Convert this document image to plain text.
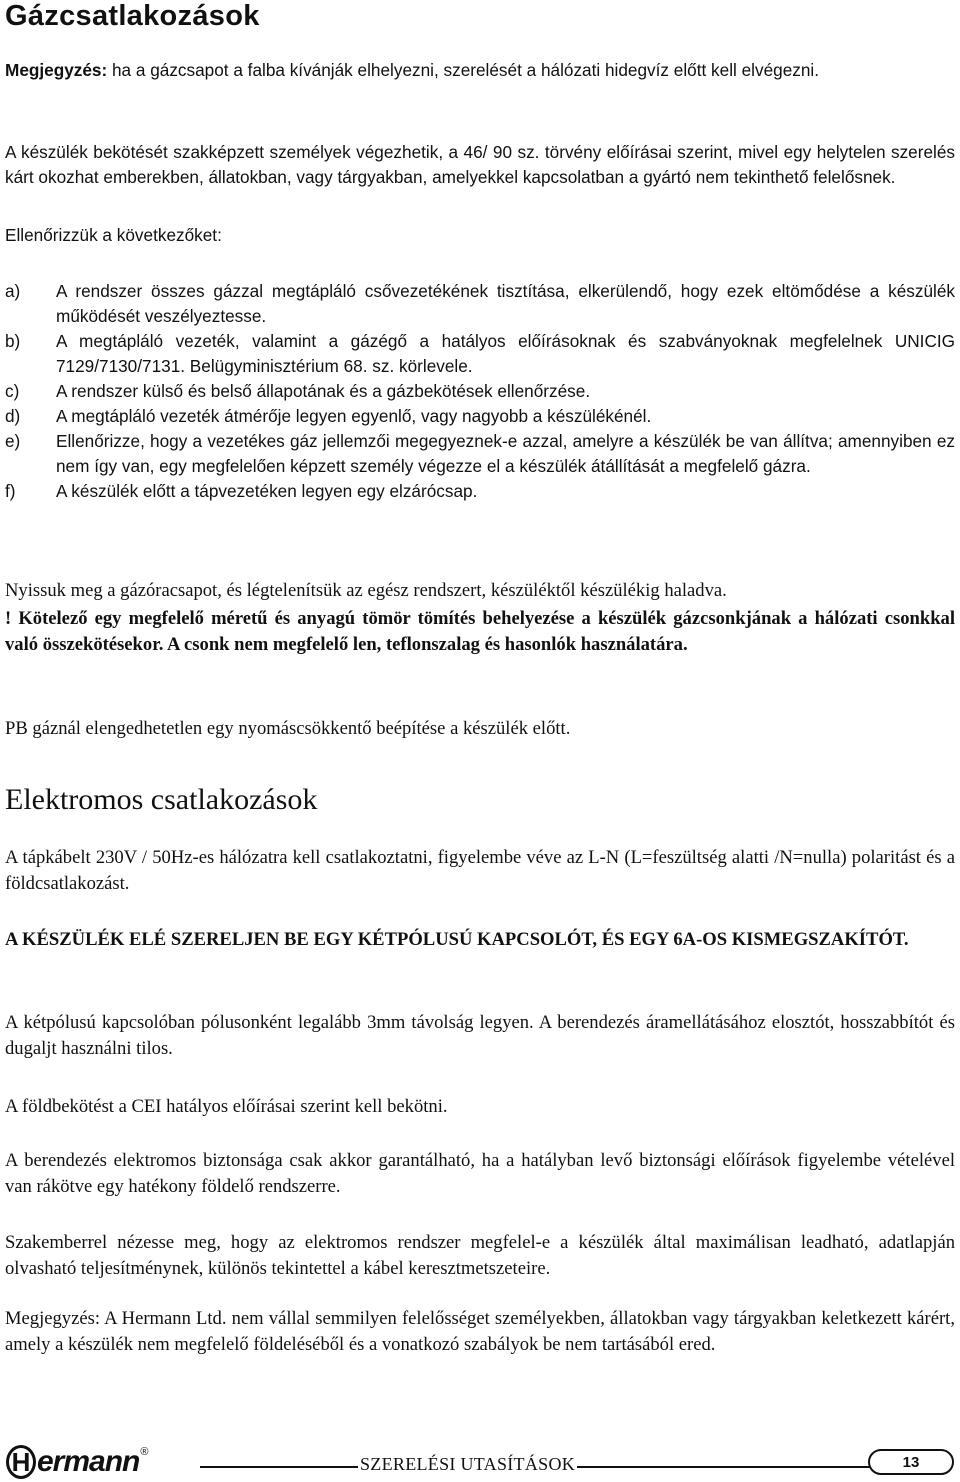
Gázcsatlakozások

Megjegyzés: ha a gázcsapot a falba kívánják elhelyezni, szerelését a hálózati hidegvíz előtt kell elvégezni.

A készülék bekötését szakképzett személyek végezhetik, a 46/ 90 sz. törvény előírásai szerint, mivel egy helytelen szerelés kárt okozhat emberekben, állatokban, vagy tárgyakban, amelyekkel kapcsolatban a gyártó nem tekinthető felelősnek.

Ellenőrizzük a következőket:

a)	A rendszer összes gázzal megtápláló csővezetékének tisztítása, elkerülendő, hogy ezek eltömődése a készülék működését veszélyeztesse.
b)	A megtápláló vezeték, valamint a gázégő a hatályos előírásoknak és szabványoknak megfelelnek UNICIG 7129/7130/7131. Belügyminisztérium 68. sz. körlevele.
c)	A rendszer külső és belső állapotának és a gázbekötések ellenőrzése.
d)	A megtápláló vezeték átmérője legyen egyenlő, vagy nagyobb a készülékénél.
e)	Ellenőrizze, hogy a vezetékes gáz jellemzői megegyeznek-e azzal, amelyre a készülék be van állítva; amennyiben ez nem így van, egy megfelelően képzett személy végezze el a készülék átállítását a megfelelő gázra.
f)	A készülék előtt a tápvezetéken legyen egy elzárócsap.

Nyissuk meg a gázóracsapot, és légtelenítsük az egész rendszert, készüléktől készülékig haladva.

! Kötelező egy megfelelő méretű és anyagú tömör tömítés behelyezése a készülék gázcsonkjának a hálózati csonkkal való összekötésekor. A csonk nem megfelelő len, teflonszalag és hasonlók használatára.

PB gáznál elengedhetetlen egy nyomáscsökkentő beépítése a készülék előtt.

Elektromos csatlakozások

A tápkábelt 230V / 50Hz-es hálózatra kell csatlakoztatni, figyelembe véve az L-N (L=feszültség alatti /N=nulla) polaritást és a földcsatlakozást.

A KÉSZÜLÉK ELÉ SZERELJEN BE EGY KÉTPÓLUSÚ KAPCSOLÓT, ÉS EGY 6A-OS KISMEGSZAKÍTÓT.

A kétpólusú kapcsolóban pólusonként legalább 3mm távolság legyen. A berendezés áramellátásához elosztót, hosszabbítót és dugaljt használni tilos.

A földbekötést a CEI hatályos előírásai szerint kell bekötni.

A berendezés elektromos biztonsága csak akkor garantálható, ha a hatályban levő biztonsági előírások figyelembe vételével van rákötve egy hatékony földelő rendszerre.

Szakemberrel nézesse meg, hogy az elektromos rendszer megfelel-e a készülék által maximálisan leadható, adatlapján olvasható teljesítménynek, különös tekintettel a kábel keresztmetszeteire.

Megjegyzés: A Hermann Ltd. nem vállal semmilyen felelősséget személyekben, állatokban vagy tárgyakban keletkezett kárért, amely a készülék nem megfelelő földeléséből és a vonatkozó szabályok be nem tartásából ered.

H ermann ®
SZERELÉSI UTASÍTÁSOK	13
